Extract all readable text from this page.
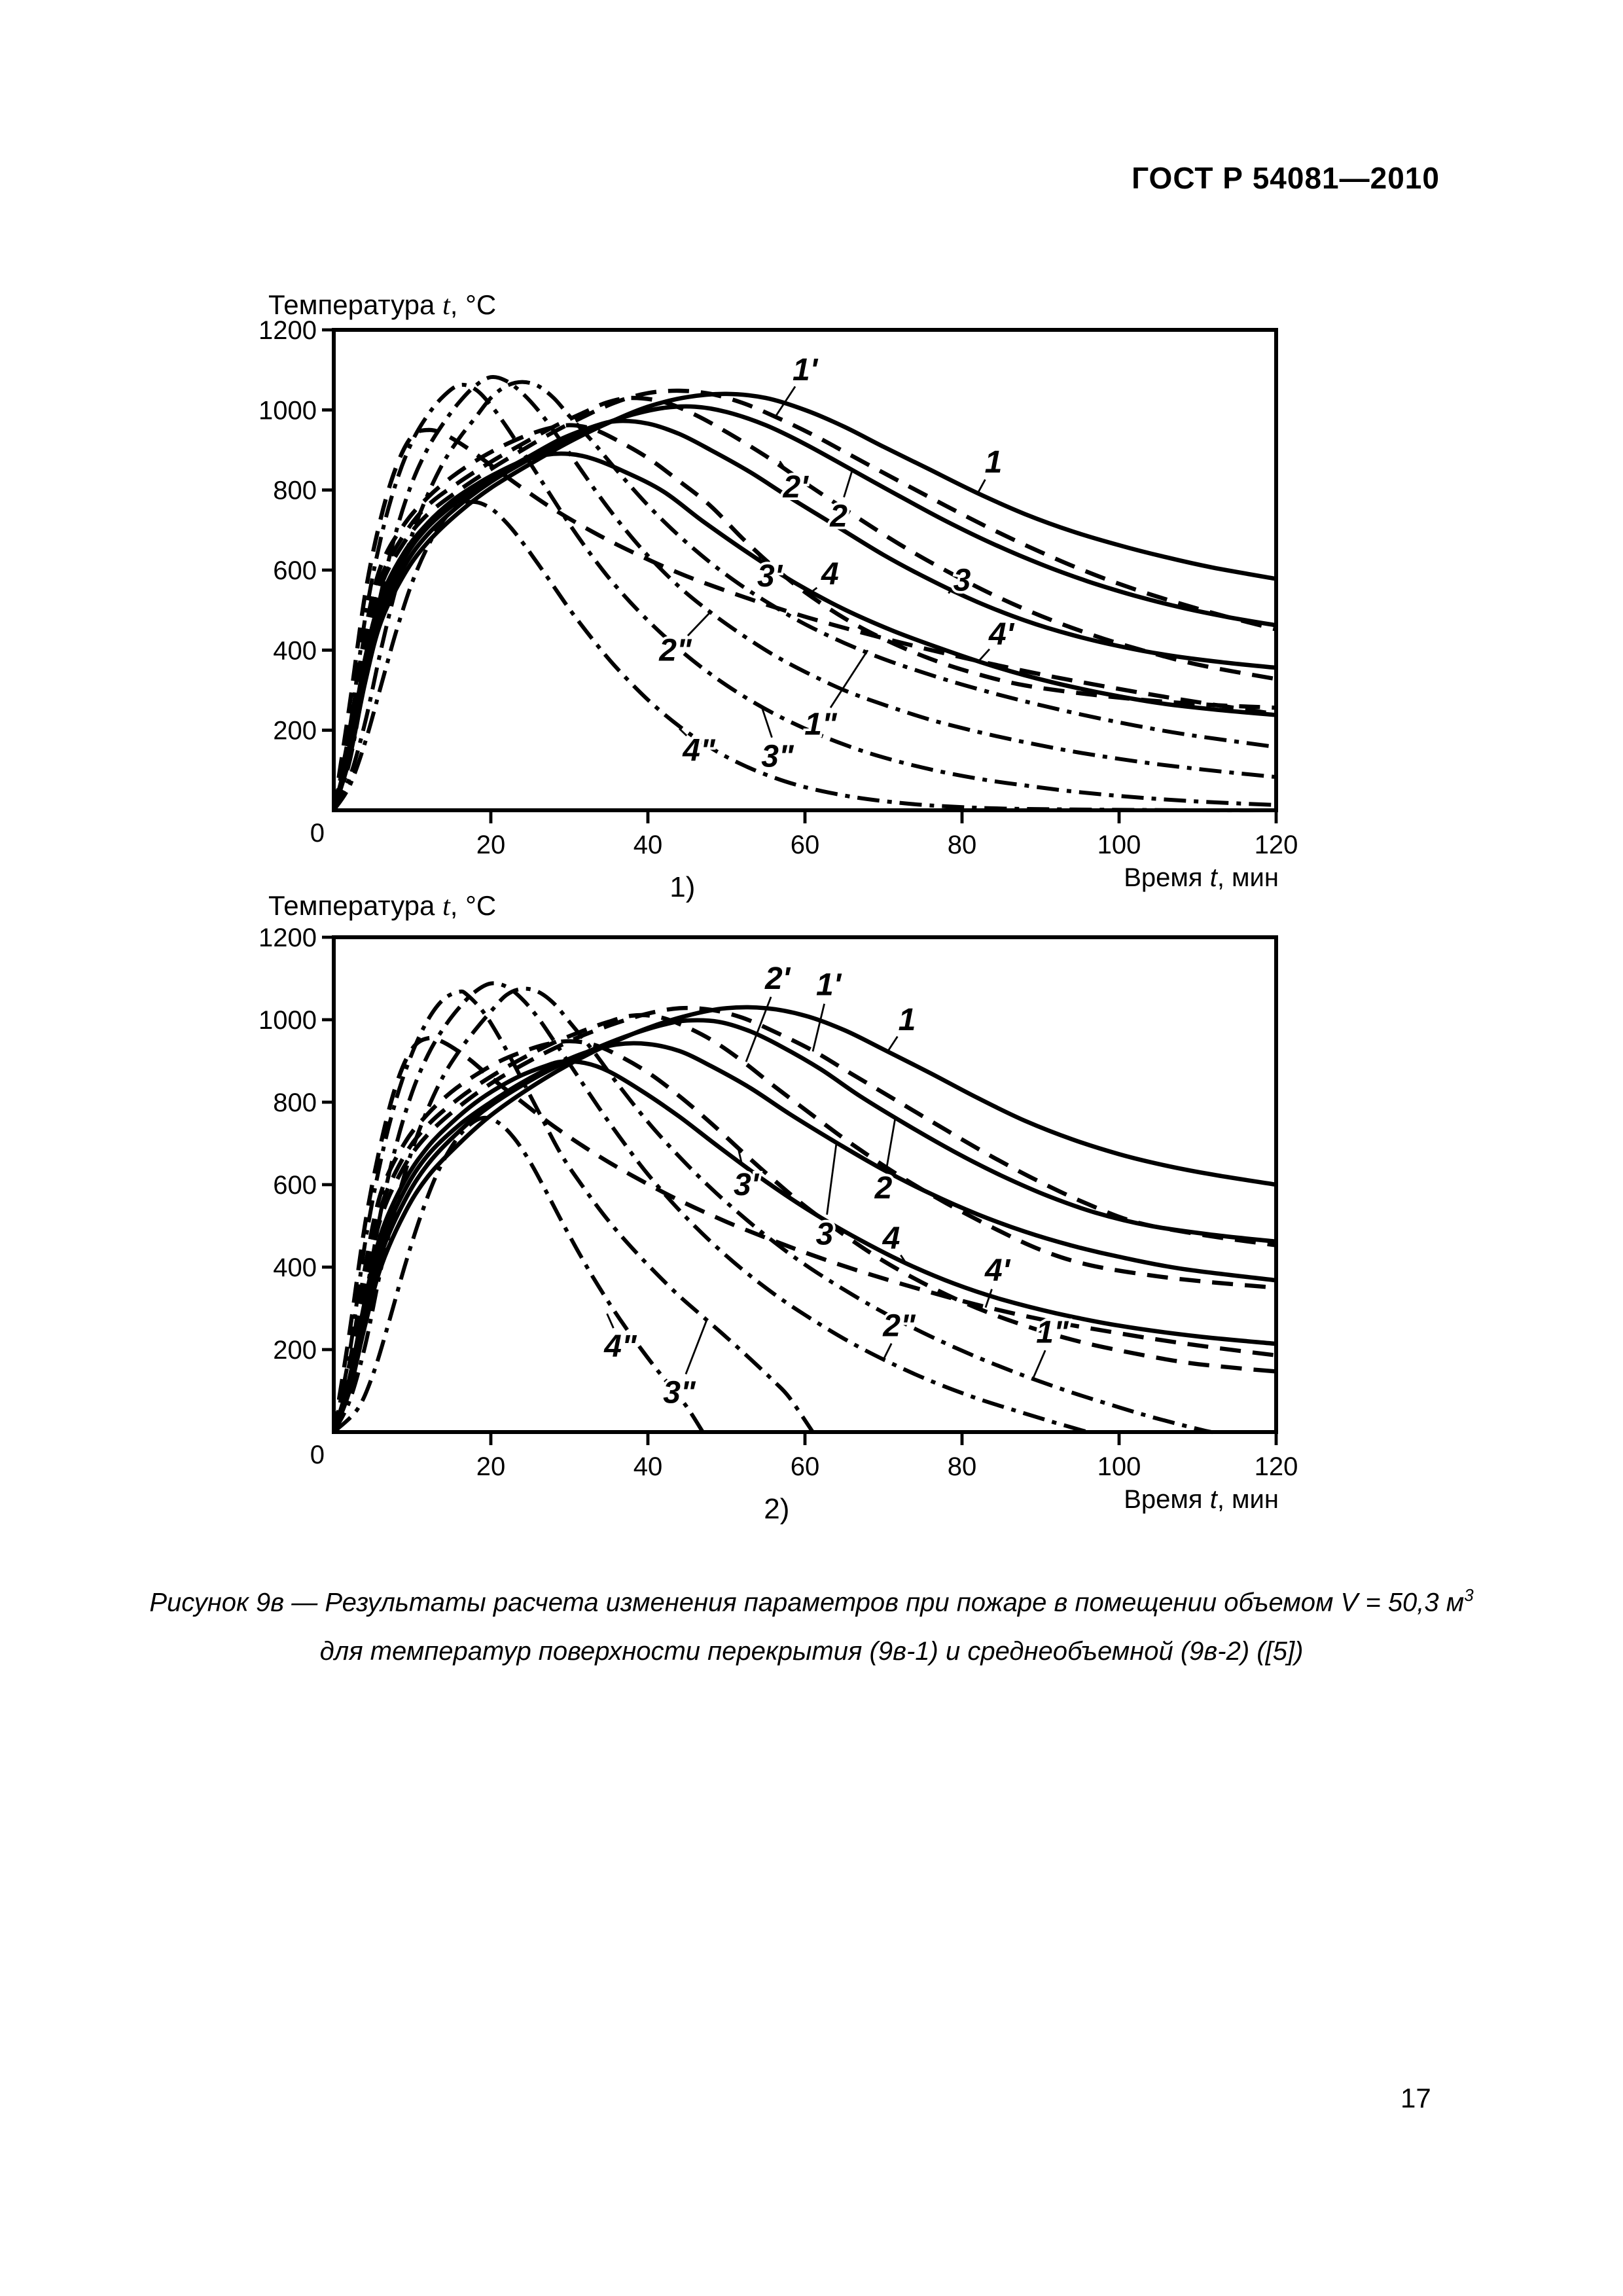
ГОСТ Р 54081—2010
Температура t, °С
200
400
600
800
1000
1200
20	40	60	80	100	120
0
Время t, мин
1)
1'
1
2'
2
3' 4	3
4'
2"
3"
4"
1"
Температура t, °С
200
400
600
800
1000
1200
20	40	60	80	100	120
0
Время t, мин
2)
2' 1'
1
3'	2
3	4
4'
2"	1"
4"
3"
Рисунок 9в — Результаты расчета изменения параметров при пожаре в помещении объемом V = 50,3 $м^3$
для температур поверхности перекрытия (9в-1) и среднеобъемной (9в-2) ([5])
17
